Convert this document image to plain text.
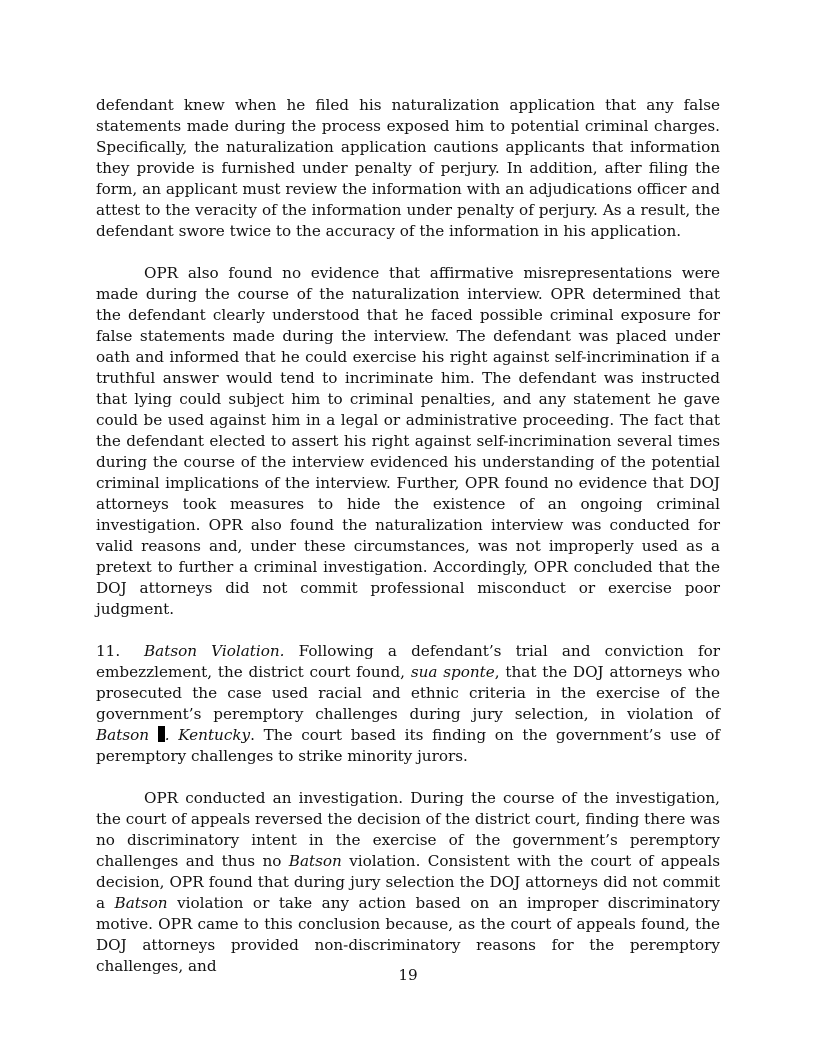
defendant knew when he filed his naturalization application that any false statements made during the process exposed him to potential criminal charges. Specifically, the naturalization application cautions applicants that information they provide is furnished under penalty of perjury. In addition, after filing the form, an applicant must review the information with an adjudications officer and attest to the veracity of the information under penalty of perjury. As a result, the defendant swore twice to the accuracy of the information in his application.

OPR also found no evidence that affirmative misrepresentations were made during the course of the naturalization interview. OPR determined that the defendant clearly understood that he faced possible criminal exposure for false statements made during the interview. The defendant was placed under oath and informed that he could exercise his right against self-incrimination if a truthful answer would tend to incriminate him. The defendant was instructed that lying could subject him to criminal penalties, and any statement he gave could be used against him in a legal or administrative proceeding. The fact that the defendant elected to assert his right against self-incrimination several times during the course of the interview evidenced his understanding of the potential criminal implications of the interview. Further, OPR found no evidence that DOJ attorneys took measures to hide the existence of an ongoing criminal investigation. OPR also found the naturalization interview was conducted for valid reasons and, under these circumstances, was not improperly used as a pretext to further a criminal investigation. Accordingly, OPR concluded that the DOJ attorneys did not commit professional misconduct or exercise poor judgment.

11. Batson Violation. Following a defendant’s trial and conviction for embezzlement, the district court found, sua sponte, that the DOJ attorneys who prosecuted the case used racial and ethnic criteria in the exercise of the government’s peremptory challenges during jury selection, in violation of Batson . Kentucky. The court based its finding on the government’s use of peremptory challenges to strike minority jurors.

OPR conducted an investigation. During the course of the investigation, the court of appeals reversed the decision of the district court, finding there was no discriminatory intent in the exercise of the government’s peremptory challenges and thus no Batson violation. Consistent with the court of appeals decision, OPR found that during jury selection the DOJ attorneys did not commit a Batson violation or take any action based on an improper discriminatory motive. OPR came to this conclusion because, as the court of appeals found, the DOJ attorneys provided non-discriminatory reasons for the peremptory challenges, and	19
